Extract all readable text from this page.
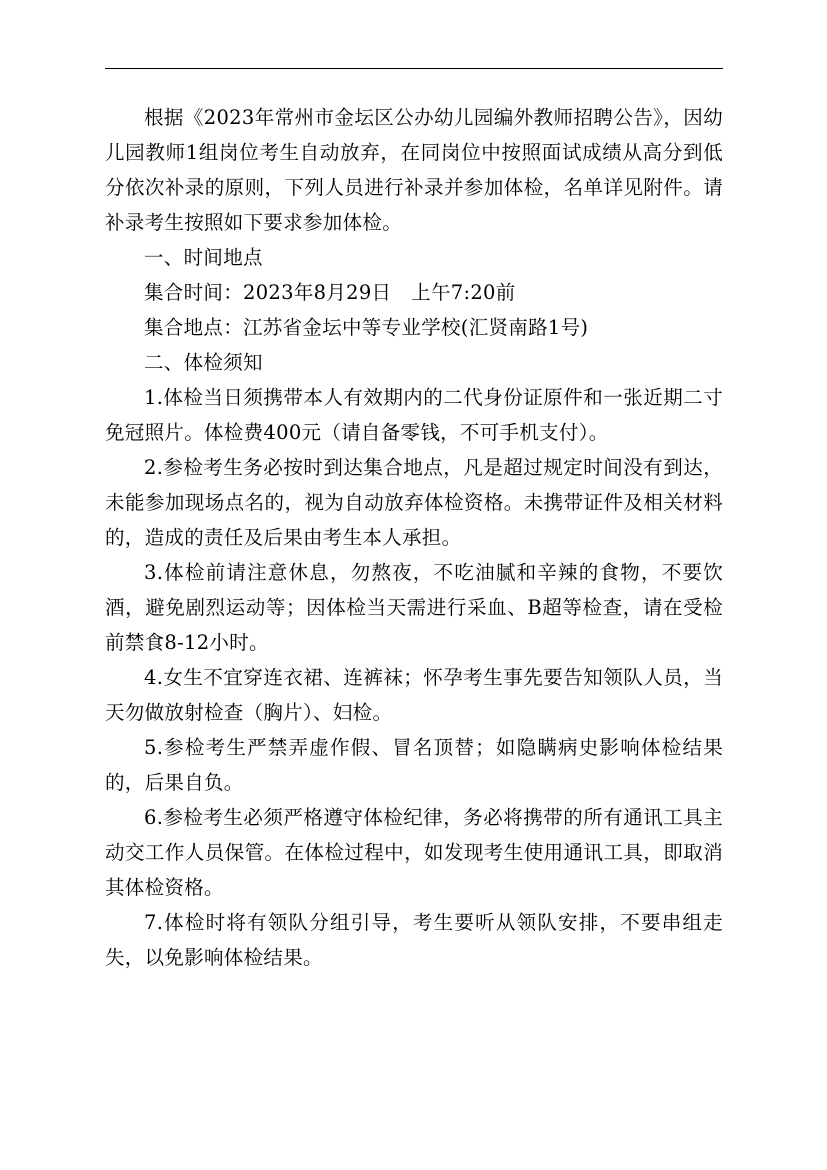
根据《2023年常州市金坛区公办幼儿园编外教师招聘公告》，因幼儿园教师1组岗位考生自动放弃，在同岗位中按照面试成绩从高分到低分依次补录的原则，下列人员进行补录并参加体检，名单详见附件。请补录考生按照如下要求参加体检。

一、时间地点

集合时间：2023年8月29日　上午7:20前

集合地点：江苏省金坛中等专业学校(汇贤南路1号)

二、体检须知

1.体检当日须携带本人有效期内的二代身份证原件和一张近期二寸免冠照片。体检费400元（请自备零钱，不可手机支付）。

2.参检考生务必按时到达集合地点，凡是超过规定时间没有到达，未能参加现场点名的，视为自动放弃体检资格。未携带证件及相关材料的，造成的责任及后果由考生本人承担。

3.体检前请注意休息，勿熬夜，不吃油腻和辛辣的食物，不要饮酒，避免剧烈运动等；因体检当天需进行采血、B超等检查，请在受检前禁食8-12小时。

4.女生不宜穿连衣裙、连裤袜；怀孕考生事先要告知领队人员，当天勿做放射检查（胸片）、妇检。

5.参检考生严禁弄虚作假、冒名顶替；如隐瞒病史影响体检结果的，后果自负。

6.参检考生必须严格遵守体检纪律，务必将携带的所有通讯工具主动交工作人员保管。在体检过程中，如发现考生使用通讯工具，即取消其体检资格。

7.体检时将有领队分组引导，考生要听从领队安排，不要串组走失，以免影响体检结果。
